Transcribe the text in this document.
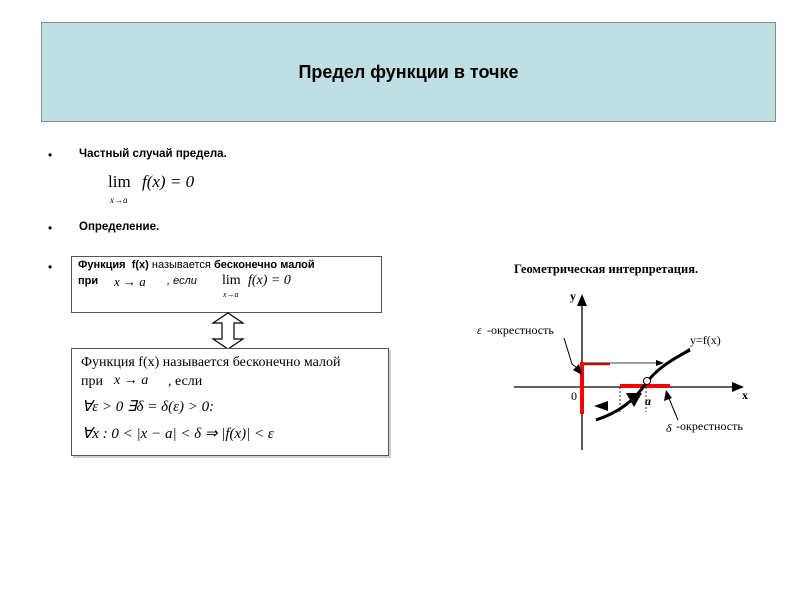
Предел функции в точке
• Частный случай предела.
lim
x→a
f(x) = 0
• Определение.
• Функция f(x) называется бесконечно малой
при x → a , если lim
x→a
f(x) = 0
Функция f(x) называется бесконечно малой
при x → a , если
∀ε > 0 ∃δ = δ(ε) > 0:
∀x : 0 < |x − a| < δ ⇒ |f(x)| < ε
Геометрическая интерпретация.
ε -окрестность
y=f(x)
y
x
0	a
δ -окрестность
